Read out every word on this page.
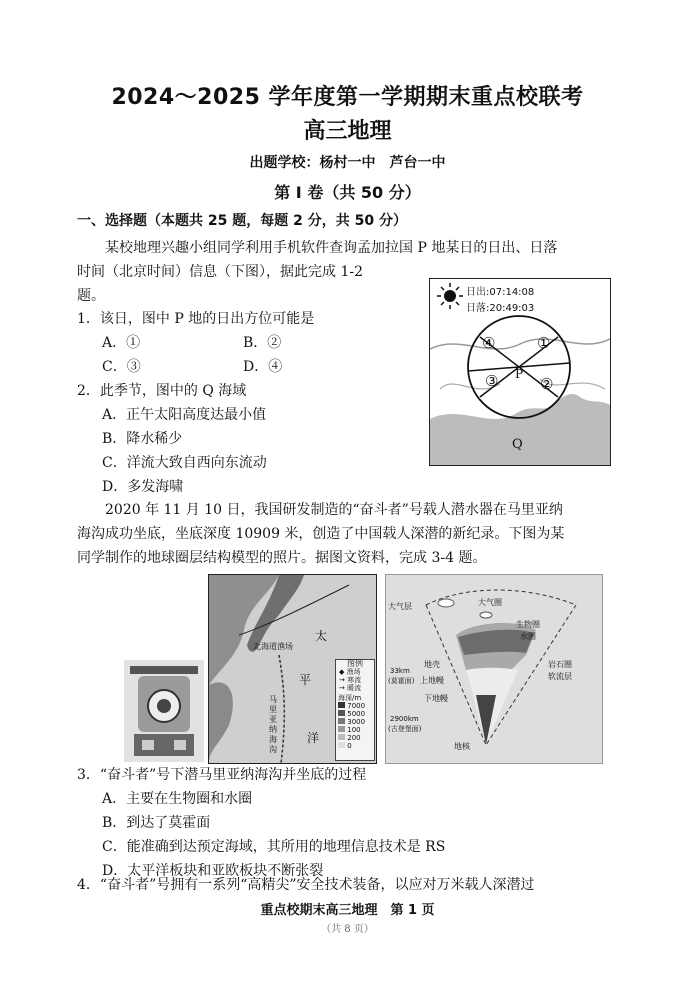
2024～2025 学年度第一学期期末重点校联考
高三地理
出题学校：杨村一中　芦台一中
第 Ⅰ 卷（共 50 分）
一、选择题（本题共 25 题，每题 2 分，共 50 分）
某校地理兴趣小组同学利用手机软件查询孟加拉国 P 地某日的日出、日落
时间（北京时间）信息（下图），据此完成 1-2
题。
1．该日，图中 P 地的日出方位可能是
A．①	B．②
C．③	D．④
2．此季节，图中的 Q 海域
A．正午太阳高度达最小值
B．降水稀少
C．洋流大致自西向东流动
D．多发海啸
日出:07:14:08
日落:20:49:03
④	①
③	②
P
Q
2020 年 11 月 10 日，我国研发制造的“奋斗者”号载人潜水器在马里亚纳
海沟成功坐底，坐底深度 10909 米，创造了中国载人深潜的新纪录。下图为某
同学制作的地球圈层结构模型的照片。据图文资料，完成 3-4 题。
北海道渔场
太
平
洋
马里亚纳海沟
图例
◆ 渔场
→ 寒流
→ 暖流
海深/m
7000
5000
3000
100
200
0
大气层	大气圈
生物圈
水圈
岩石圈
软流层
地壳
上地幔
下地幔
地核
33km
(莫霍面)
2900km
(古登堡面)
3．“奋斗者”号下潜马里亚纳海沟并坐底的过程
A．主要在生物圈和水圈
B．到达了莫霍面
C．能准确到达预定海域，其所用的地理信息技术是 RS
D．太平洋板块和亚欧板块不断张裂
4．“奋斗者”号拥有一系列“高精尖”安全技术装备，以应对万米载人深潜过
重点校期末高三地理　第 1 页
（共 8 页）
